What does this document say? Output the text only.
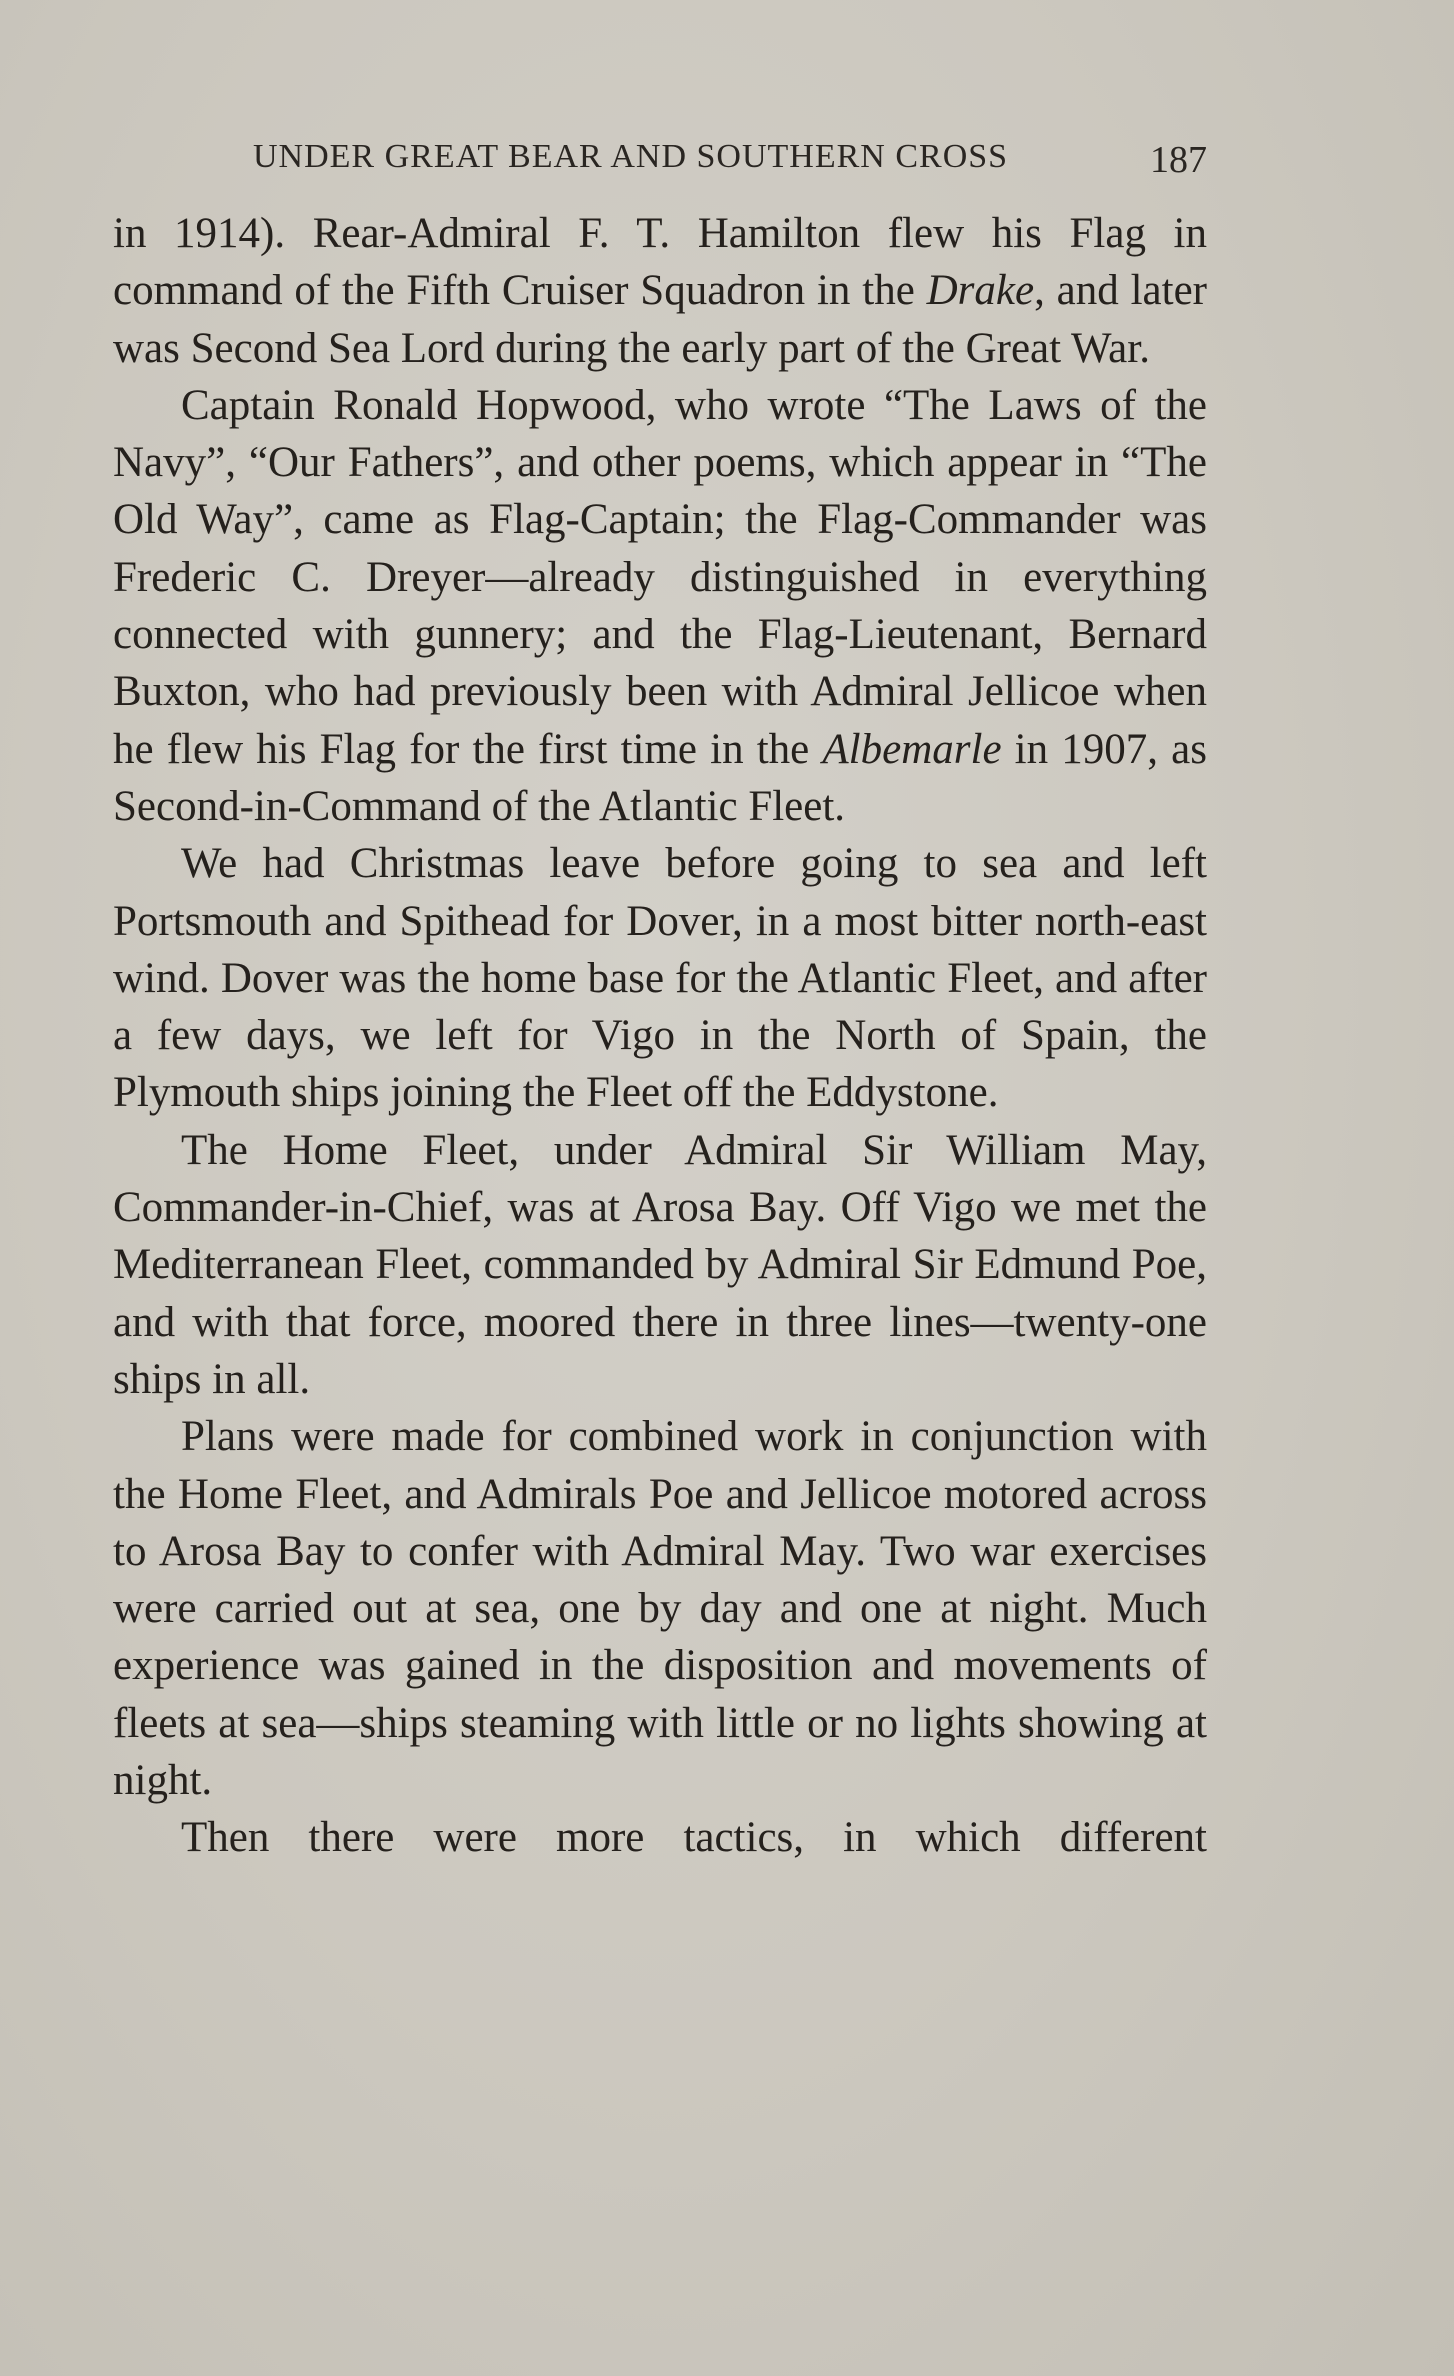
UNDER GREAT BEAR AND SOUTHERN CROSS	187

in 1914). Rear-Admiral F. T. Hamilton flew his Flag in command of the Fifth Cruiser Squadron in the Drake, and later was Second Sea Lord during the early part of the Great War.

Captain Ronald Hopwood, who wrote “The Laws of the Navy”, “Our Fathers”, and other poems, which appear in “The Old Way”, came as Flag-Captain; the Flag-Commander was Frederic C. Dreyer—already distinguished in everything connected with gunnery; and the Flag-Lieutenant, Bernard Buxton, who had previously been with Admiral Jellicoe when he flew his Flag for the first time in the Albemarle in 1907, as Second-in-Command of the Atlantic Fleet.

We had Christmas leave before going to sea and left Portsmouth and Spithead for Dover, in a most bitter north-east wind. Dover was the home base for the Atlantic Fleet, and after a few days, we left for Vigo in the North of Spain, the Plymouth ships joining the Fleet off the Eddystone.

The Home Fleet, under Admiral Sir William May, Commander-in-Chief, was at Arosa Bay. Off Vigo we met the Mediterranean Fleet, commanded by Admiral Sir Edmund Poe, and with that force, moored there in three lines—twenty-one ships in all.

Plans were made for combined work in conjunction with the Home Fleet, and Admirals Poe and Jellicoe motored across to Arosa Bay to confer with Admiral May. Two war exercises were carried out at sea, one by day and one at night. Much experience was gained in the disposition and movements of fleets at sea—ships steaming with little or no lights showing at night.

Then there were more tactics, in which different
